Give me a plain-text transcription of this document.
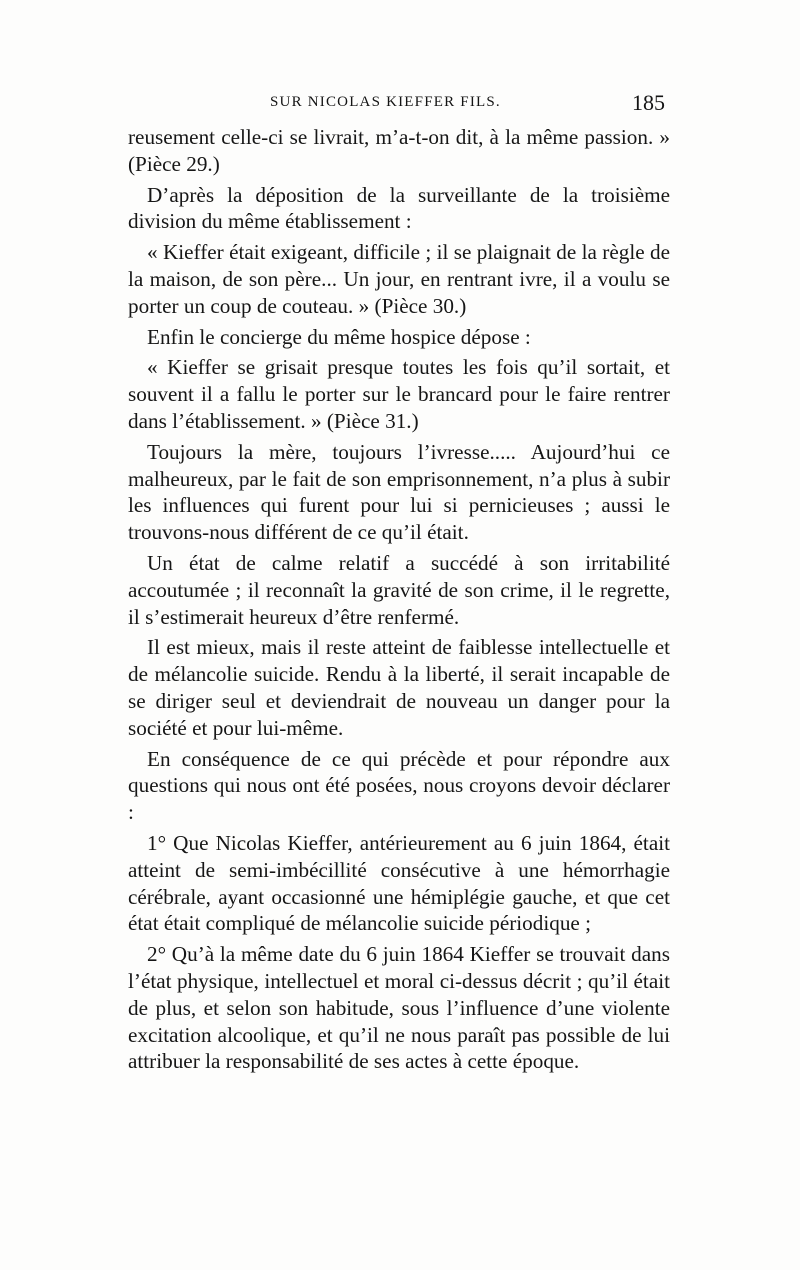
SUR NICOLAS KIEFFER FILS.	185

reusement celle-ci se livrait, m’a-t-on dit, à la même passion. » (Pièce 29.)

D’après la déposition de la surveillante de la troisième division du même établissement :

« Kieffer était exigeant, difficile ; il se plaignait de la règle de la maison, de son père... Un jour, en rentrant ivre, il a voulu se porter un coup de couteau. » (Pièce 30.)

Enfin le concierge du même hospice dépose :

« Kieffer se grisait presque toutes les fois qu’il sortait, et souvent il a fallu le porter sur le brancard pour le faire rentrer dans l’établissement. » (Pièce 31.)

Toujours la mère, toujours l’ivresse..... Aujourd’hui ce malheureux, par le fait de son emprisonnement, n’a plus à subir les influences qui furent pour lui si pernicieuses ; aussi le trouvons-nous différent de ce qu’il était.

Un état de calme relatif a succédé à son irritabilité accoutumée ; il reconnaît la gravité de son crime, il le regrette, il s’estimerait heureux d’être renfermé.

Il est mieux, mais il reste atteint de faiblesse intellectuelle et de mélancolie suicide. Rendu à la liberté, il serait incapable de se diriger seul et deviendrait de nouveau un danger pour la société et pour lui-même.

En conséquence de ce qui précède et pour répondre aux questions qui nous ont été posées, nous croyons devoir déclarer :

1° Que Nicolas Kieffer, antérieurement au 6 juin 1864, était atteint de semi-imbécillité consécutive à une hémorrhagie cérébrale, ayant occasionné une hémiplégie gauche, et que cet état était compliqué de mélancolie suicide périodique ;

2° Qu’à la même date du 6 juin 1864 Kieffer se trouvait dans l’état physique, intellectuel et moral ci-dessus décrit ; qu’il était de plus, et selon son habitude, sous l’influence d’une violente excitation alcoolique, et qu’il ne nous paraît pas possible de lui attribuer la responsabilité de ses actes à cette époque.
